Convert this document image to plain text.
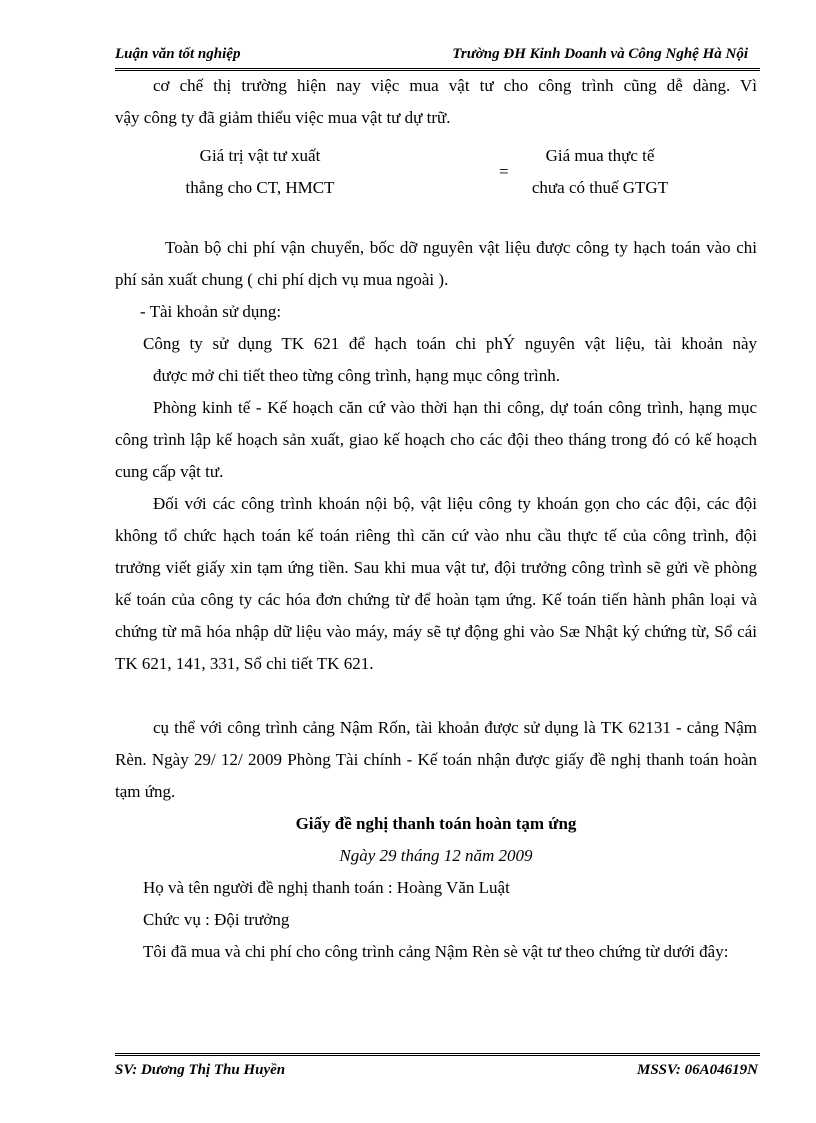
Luận văn tốt nghiệp	Trường ĐH Kinh Doanh và Công Nghệ Hà Nội

cơ chế thị trường hiện nay việc mua vật tư cho công trình cũng dễ dàng. Vì

vậy công ty đã giảm thiểu việc mua vật tư dự trữ.

Giá trị vật tư xuất
thẳng cho CT, HMCT
=
Giá mua thực tế
chưa có thuế GTGT

Toàn bộ chi phí vận chuyển, bốc dỡ nguyên vật liệu được công ty hạch toán vào chi phí sản xuất chung ( chi phí dịch vụ mua ngoài ).

- Tài khoản sử dụng:

Công ty sử dụng TK 621 để hạch toán chi phÝ nguyên vật liệu, tài khoản này

được mở chi tiết theo từng công trình, hạng mục công trình.

Phòng kinh tế - Kế hoạch căn cứ vào thời hạn thi công, dự toán công trình, hạng mục công trình lập kế hoạch sản xuất, giao kế hoạch cho các đội theo tháng trong đó có kế hoạch cung cấp vật tư.

Đối với các công trình khoán nội bộ, vật liệu công ty khoán gọn cho các đội, các đội không tổ chức hạch toán kế toán riêng thì căn cứ vào nhu cầu thực tế của công trình, đội trưởng viết giấy xin tạm ứng tiền. Sau khi mua vật tư, đội trưởng công trình sẽ gửi về phòng kế toán của công ty các hóa đơn chứng từ để hoàn tạm ứng. Kế toán tiến hành phân loại và chứng từ mã hóa nhập dữ liệu vào máy, máy sẽ tự động ghi vào Sæ Nhật ký chứng từ, Sổ cái TK 621, 141, 331, Sổ chi tiết TK 621.

cụ thể với công trình cảng Nậm Rốn, tài khoản được sử dụng là TK 62131 - cảng Nậm Rèn. Ngày 29/ 12/ 2009 Phòng Tài chính - Kế toán nhận được giấy đề nghị thanh toán hoàn tạm ứng.

Giấy đề nghị thanh toán hoàn tạm ứng

Ngày 29 tháng 12 năm 2009

Họ và tên người đề nghị thanh toán : Hoàng Văn Luật

Chức vụ : Đội trưởng

Tôi đã mua và chi phí cho công trình cảng Nậm Rèn sè vật tư theo chứng từ dưới đây:

SV: Dương Thị Thu Huyền	MSSV: 06A04619N
